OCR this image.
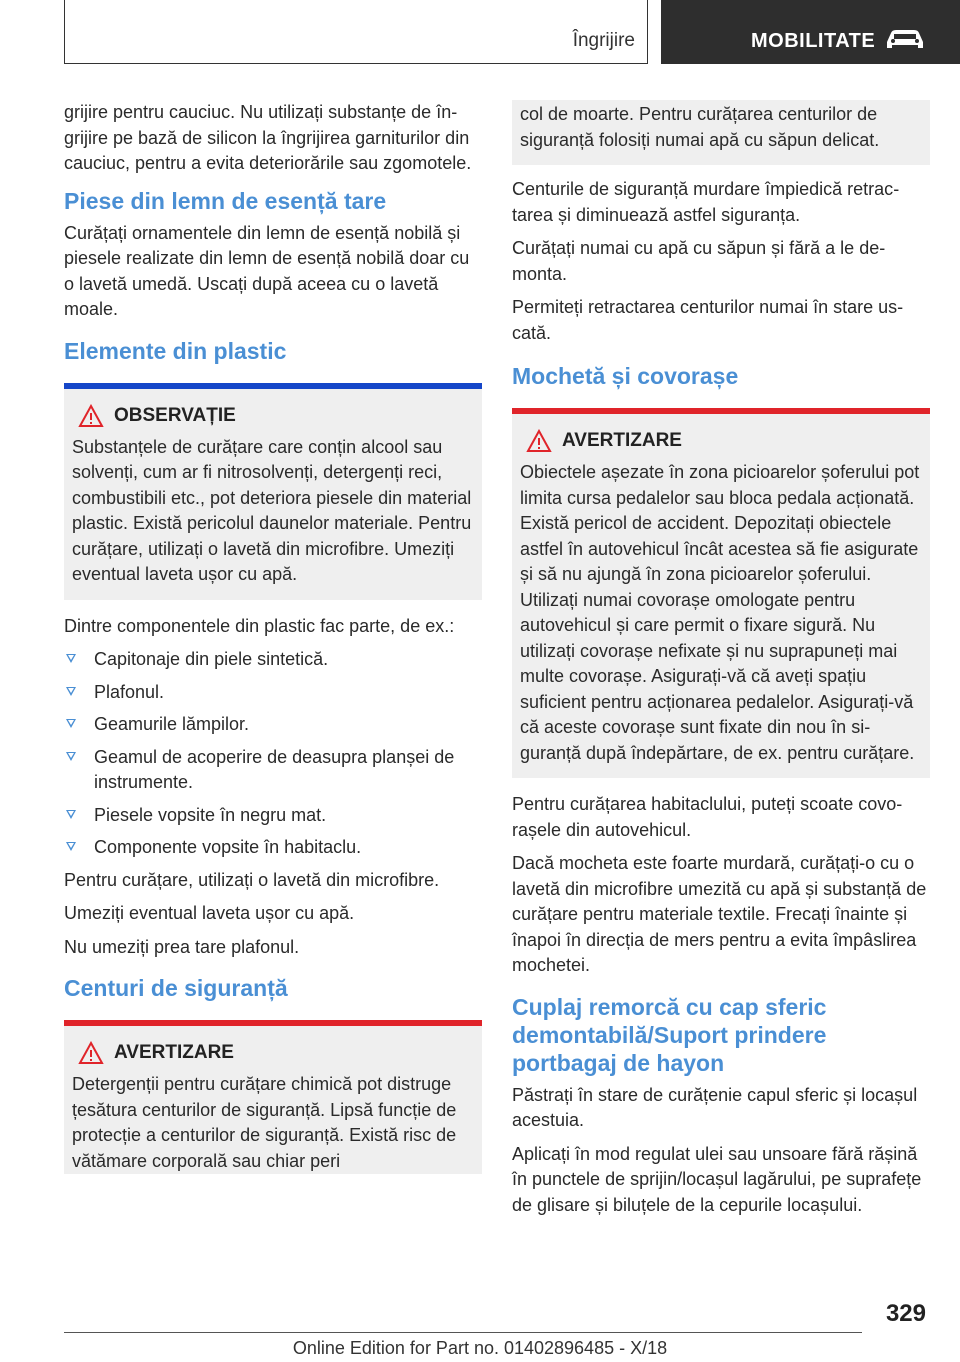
Îngrijire	MOBILITATE

grijire pentru cauciuc. Nu utilizați substanțe de îngrijire pe bază de silicon la îngrijirea garniturilor din cauciuc, pentru a evita deteriorările sau zgomotele.

Piese din lemn de esență tare

Curățați ornamentele din lemn de esență nobilă și piesele realizate din lemn de esență nobilă doar cu o lavetă umedă. Uscați după aceea cu o lavetă moale.

Elemente din plastic
OBSERVAȚIE

Substanțele de curățare care conțin alcool sau solvenți, cum ar fi nitrosolvenți, detergenți reci, combustibili etc., pot deteriora piesele din material plastic. Există pericolul daunelor materiale. Pentru curățare, utilizați o lavetă din microfibre. Umeziți eventual laveta ușor cu apă.

Dintre componentele din plastic fac parte, de ex.:

Capitonaje din piele sintetică.
Plafonul.
Geamurile lămpilor.
Geamul de acoperire de deasupra planșei de instrumente.
Piesele vopsite în negru mat.
Componente vopsite în habitaclu.

Pentru curățare, utilizați o lavetă din microfibre.

Umeziți eventual laveta ușor cu apă.

Nu umeziți prea tare plafonul.

Centuri de siguranță
AVERTIZARE

Detergenții pentru curățare chimică pot distruge țesătura centurilor de siguranță. Lipsă funcție de protecție a centurilor de siguranță. Există risc de vătămare corporală sau chiar peri

col de moarte. Pentru curățarea centurilor de siguranță folosiți numai apă cu săpun delicat.

Centurile de siguranță murdare împiedică retractarea și diminuează astfel siguranța.

Curățați numai cu apă cu săpun și fără a le demonta.

Permiteți retractarea centurilor numai în stare uscată.

Mochetă și covorașe
AVERTIZARE

Obiectele așezate în zona picioarelor șoferului pot limita cursa pedalelor sau bloca pedala acționată. Există pericol de accident. Depozitați obiectele astfel în autovehicul încât acestea să fie asigurate și să nu ajungă în zona picioarelor șoferului. Utilizați numai covorașe omologate pentru autovehicul și care permit o fixare sigură. Nu utilizați covorașe nefixate și nu suprapuneți mai multe covorașe. Asigurați-vă că aveți spațiu suficient pentru acționarea pedalelor. Asigurați-vă că aceste covorașe sunt fixate din nou în siguranță după îndepărtare, de ex. pentru curățare.

Pentru curățarea habitaclului, puteți scoate covorașele din autovehicul.

Dacă mocheta este foarte murdară, curățați-o cu o lavetă din microfibre umezită cu apă și substanță de curățare pentru materiale textile. Frecați înainte și înapoi în direcția de mers pentru a evita împâslirea mochetei.

Cuplaj remorcă cu cap sferic demontabilă/Suport prindere portbagaj de hayon

Păstrați în stare de curățenie capul sferic și locașul acestuia.

Aplicați în mod regulat ulei sau unsoare fără rășină în punctele de sprijin/locașul lagărului, pe suprafețe de glisare și biluțele de la cepurile locașului.

329
Online Edition for Part no. 01402896485 - X/18
